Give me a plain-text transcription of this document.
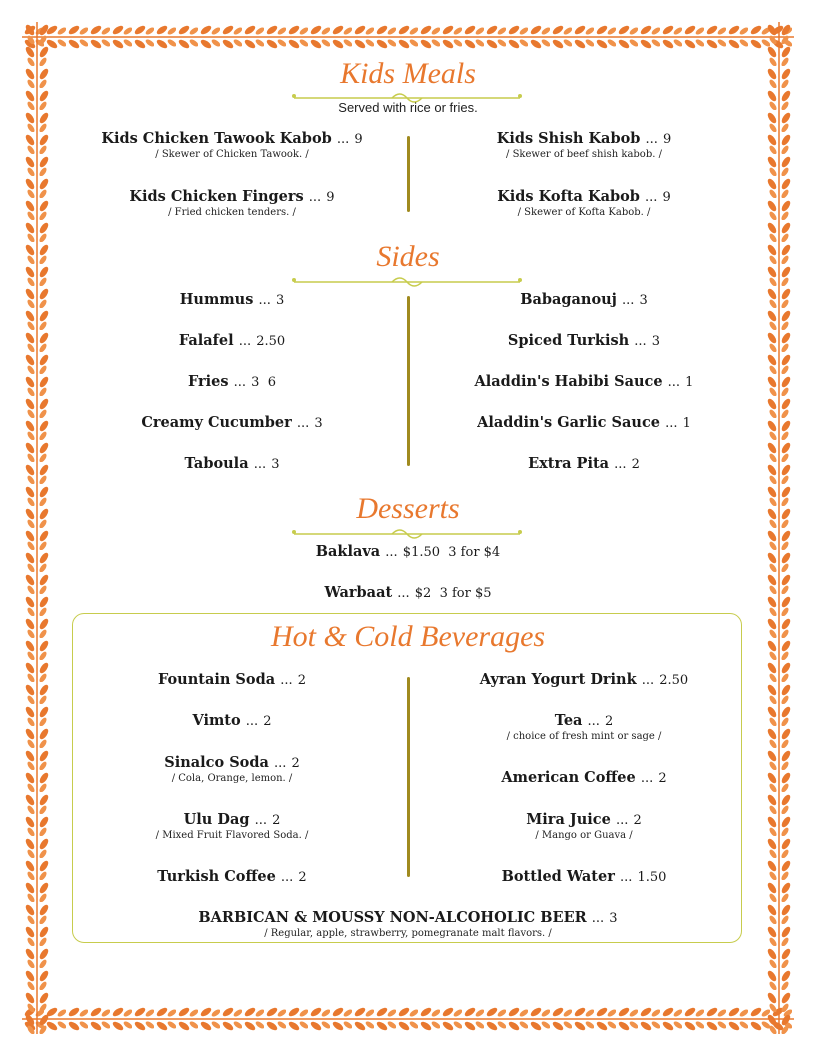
Kids Meals
Served with rice or fries.
Kids Chicken Tawook Kabob ... 9
/ Skewer of Chicken Tawook. /
Kids Chicken Fingers ... 9
/ Fried chicken tenders. /
Kids Shish Kabob ... 9
/ Skewer of beef shish kabob. /
Kids Kofta Kabob ... 9
/ Skewer of Kofta Kabob. /
Sides
Hummus ... 3
Falafel ... 2.50
Fries ... 3  6
Creamy Cucumber ... 3
Taboula ... 3
Babaganouj ... 3
Spiced Turkish ... 3
Aladdin's Habibi Sauce ... 1
Aladdin's Garlic Sauce ... 1
Extra Pita ... 2
Desserts
Baklava ... $1.50  3 for $4
Warbaat ... $2  3 for $5
Hot & Cold Beverages
Fountain Soda ... 2
Vimto ... 2
Sinalco Soda ... 2
/ Cola, Orange, lemon. /
Ulu Dag ... 2
/ Mixed Fruit Flavored Soda. /
Turkish Coffee ... 2
Ayran Yogurt Drink ... 2.50
Tea ... 2
/ choice of fresh mint or sage /
American Coffee ... 2
Mira Juice ... 2
/ Mango or Guava /
Bottled Water ... 1.50
BARBICAN & MOUSSY NON-ALCOHOLIC BEER ... 3
/ Regular, apple, strawberry, pomegranate malt flavors. /
